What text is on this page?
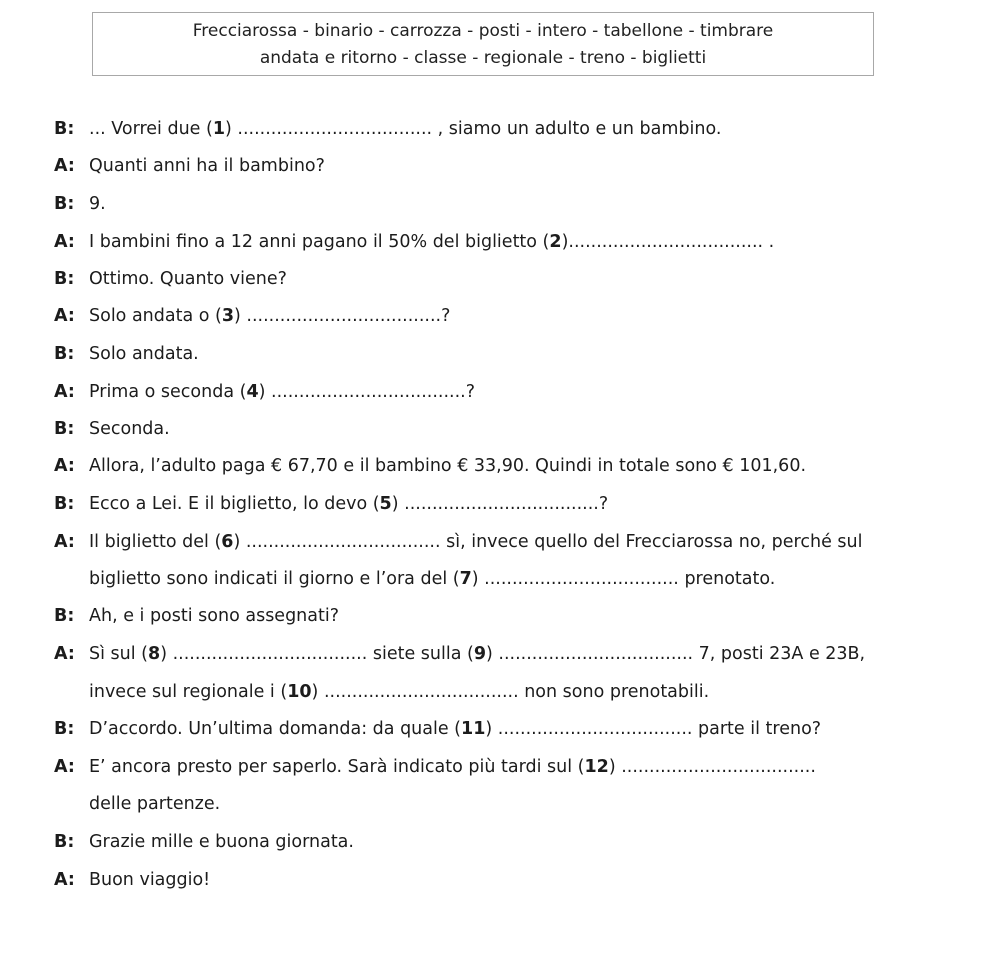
Frecciarossa - binario - carrozza - posti - intero - tabellone - timbrare
andata e ritorno - classe - regionale - treno - biglietti
B: ... Vorrei due (1) ................................... , siamo un adulto e un bambino.
A: Quanti anni ha il bambino?
B: 9.
A: I bambini fino a 12 anni pagano il 50% del biglietto (2)................................... .
B: Ottimo. Quanto viene?
A: Solo andata o (3) ...................................?
B: Solo andata.
A: Prima o seconda (4) ...................................?
B: Seconda.
A: Allora, l’adulto paga € 67,70 e il bambino € 33,90. Quindi in totale sono € 101,60.
B: Ecco a Lei. E il biglietto, lo devo (5) ...................................?
A: Il biglietto del (6) ................................... sì, invece quello del Frecciarossa no, perché sul
biglietto sono indicati il giorno e l’ora del (7) ................................... prenotato.
B: Ah, e i posti sono assegnati?
A: Sì sul (8) ................................... siete sulla (9) ................................... 7, posti 23A e 23B,
invece sul regionale i (10) ................................... non sono prenotabili.
B: D’accordo. Un’ultima domanda: da quale (11) ................................... parte il treno?
A: E’ ancora presto per saperlo. Sarà indicato più tardi sul (12) ...................................
delle partenze.
B: Grazie mille e buona giornata.
A: Buon viaggio!
